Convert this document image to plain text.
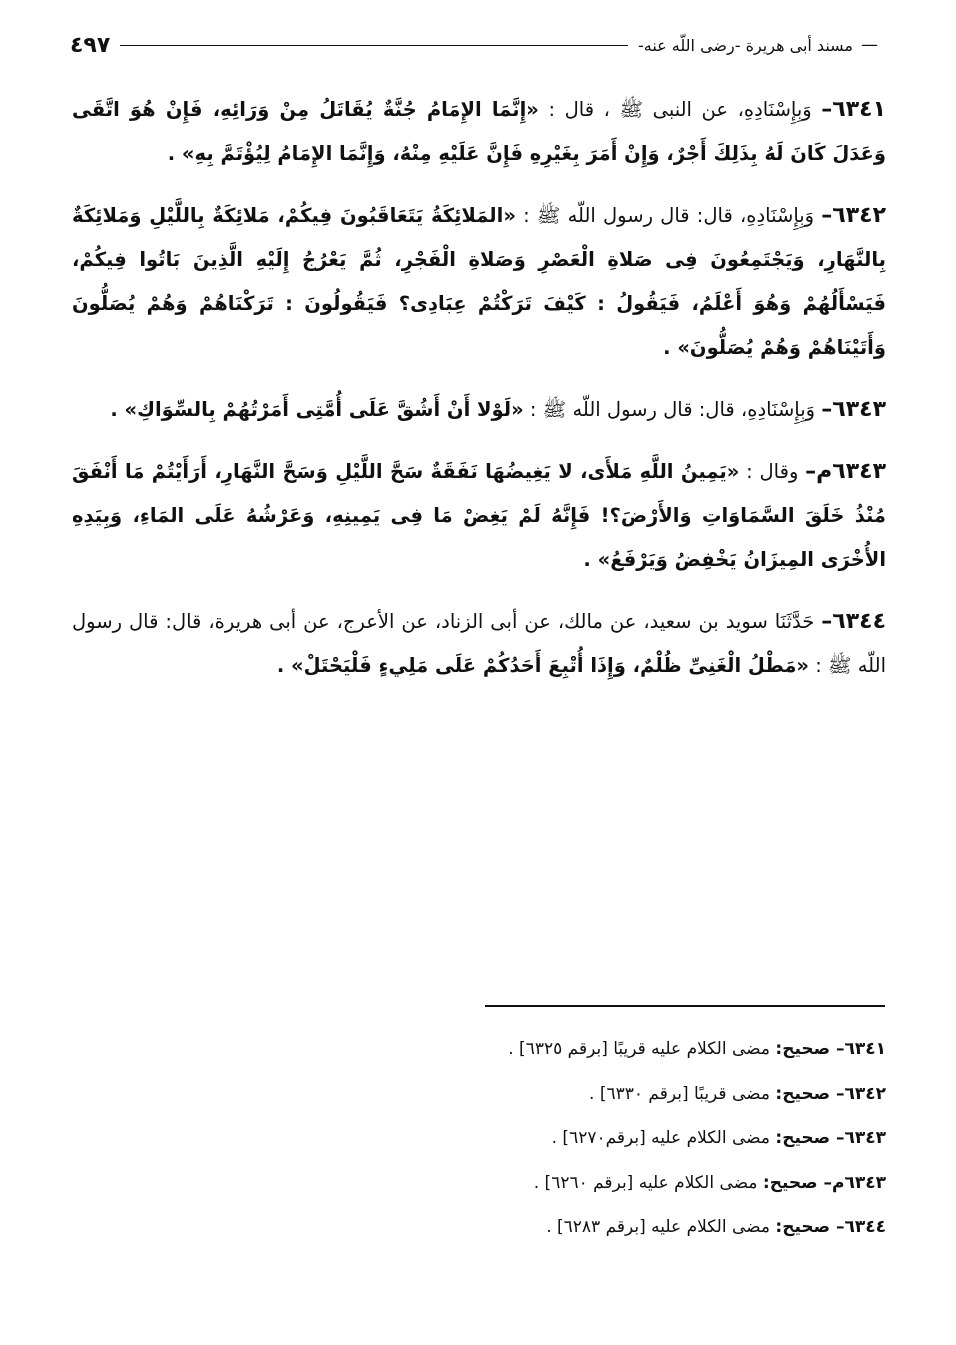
—
مسند أبى هريرة -رضى اللّه عنه-
٤٩٧

٦٣٤١– وَبِإِسْنَادِهِ، عن النبى ﷺ ، قال : «إِنَّمَا الإِمَامُ جُنَّةٌ يُقَاتَلُ مِنْ وَرَائِهِ، فَإِنْ هُوَ اتَّقَى وَعَدَلَ كَانَ لَهُ بِذَلِكَ أَجْرٌ، وَإِنْ أَمَرَ بِغَيْرِهِ فَإِنَّ عَلَيْهِ مِنْهُ، وَإِنَّمَا الإِمَامُ لِيُؤْتَمَّ بِهِ» .

٦٣٤٢– وَبِإِسْنَادِهِ، قال: قال رسول اللّه ﷺ : «المَلائِكَةُ يَتَعَاقَبُونَ فِيكُمْ، مَلائِكَةٌ بِاللَّيْلِ وَمَلائِكَةٌ بِالنَّهَارِ، وَيَجْتَمِعُونَ فِى صَلاةِ الْعَصْرِ وَصَلاةِ الْفَجْرِ، ثُمَّ يَعْرُجُ إِلَيْهِ الَّذِينَ بَاتُوا فِيكُمْ، فَيَسْأَلُهُمْ وَهُوَ أَعْلَمُ، فَيَقُولُ : كَيْفَ تَرَكْتُمْ عِبَادِى؟ فَيَقُولُونَ : تَرَكْنَاهُمْ وَهُمْ يُصَلُّونَ وَأَتَيْنَاهُمْ وَهُمْ يُصَلُّونَ» .

٦٣٤٣– وَبِإِسْنَادِهِ، قال: قال رسول اللّه ﷺ : «لَوْلا أَنْ أَشُقَّ عَلَى أُمَّتِى أَمَرْتُهُمْ بِالسِّوَاكِ» .

٦٣٤٣م– وقال : «يَمِينُ اللَّهِ مَلأَى، لا يَغِيضُهَا نَفَقَةٌ سَحَّ اللَّيْلِ وَسَحَّ النَّهَارِ، أَرَأَيْتُمْ مَا أَنْفَقَ مُنْذُ خَلَقَ السَّمَاوَاتِ وَالأَرْضَ؟! فَإِنَّهُ لَمْ يَغِضْ مَا فِى يَمِينِهِ، وَعَرْشُهُ عَلَى المَاءِ، وَبِيَدِهِ الأُخْرَى المِيزَانُ يَخْفِضُ وَيَرْفَعُ» .

٦٣٤٤– حَدَّثَنَا سويد بن سعيد، عن مالك، عن أبى الزناد، عن الأعرج، عن أبى هريرة، قال: قال رسول اللّه ﷺ : «مَطْلُ الْغَنِىِّ ظُلْمٌ، وَإِذَا أُتْبِعَ أَحَدُكُمْ عَلَى مَلِيءٍ فَلْيَحْتَلْ» .

٦٣٤١– صحيح: مضى الكلام عليه قريبًا [برقم ٦٣٢٥] .
٦٣٤٢– صحيح: مضى قريبًا [برقم ٦٣٣٠] .
٦٣٤٣– صحيح: مضى الكلام عليه [برقم٦٢٧٠] .
٦٣٤٣م– صحيح: مضى الكلام عليه [برقم ٦٢٦٠] .
٦٣٤٤– صحيح: مضى الكلام عليه [برقم ٦٢٨٣] .
